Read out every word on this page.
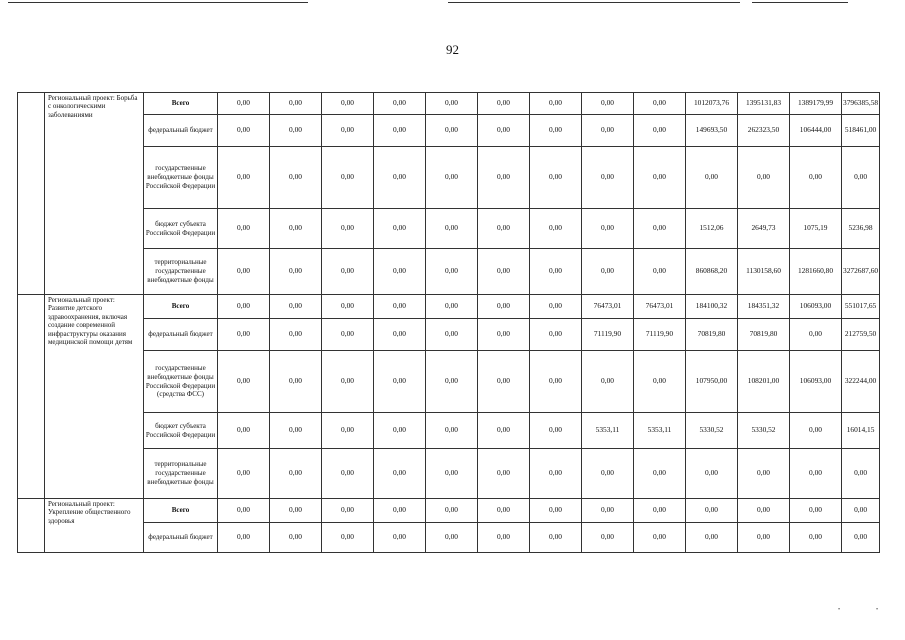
92
	Региональный проект: Борьба с онкологическими заболеваниями	Всего	0,00	0,00	0,00	0,00	0,00	0,00	0,00	0,00	0,00	1012073,76	1395131,83	1389179,99	3796385,58
		федеральный бюджет	0,00	0,00	0,00	0,00	0,00	0,00	0,00	0,00	0,00	149693,50	262323,50	106444,00	518461,00
		государственные внебюджетные фонды Российской Федерации	0,00	0,00	0,00	0,00	0,00	0,00	0,00	0,00	0,00	0,00	0,00	0,00	0,00
		бюджет субъекта Российской Федерации	0,00	0,00	0,00	0,00	0,00	0,00	0,00	0,00	0,00	1512,06	2649,73	1075,19	5236,98
		территориальные государственные внебюджетные фонды	0,00	0,00	0,00	0,00	0,00	0,00	0,00	0,00	0,00	860868,20	1130158,60	1281660,80	3272687,60
	Региональный проект: Развитие детского здравоохранения, включая создание современной инфраструктуры оказания медицинской помощи детям	Всего	0,00	0,00	0,00	0,00	0,00	0,00	0,00	76473,01	76473,01	184100,32	184351,32	106093,00	551017,65
		федеральный бюджет	0,00	0,00	0,00	0,00	0,00	0,00	0,00	71119,90	71119,90	70819,80	70819,80	0,00	212759,50
		государственные внебюджетные фонды Российской Федерации (средства ФСС)	0,00	0,00	0,00	0,00	0,00	0,00	0,00	0,00	0,00	107950,00	108201,00	106093,00	322244,00
		бюджет субъекта Российской Федерации	0,00	0,00	0,00	0,00	0,00	0,00	0,00	5353,11	5353,11	5330,52	5330,52	0,00	16014,15
		территориальные государственные внебюджетные фонды	0,00	0,00	0,00	0,00	0,00	0,00	0,00	0,00	0,00	0,00	0,00	0,00	0,00
	Региональный проект: Укрепление общественного здоровья	Всего	0,00	0,00	0,00	0,00	0,00	0,00	0,00	0,00	0,00	0,00	0,00	0,00	0,00
		федеральный бюджет	0,00	0,00	0,00	0,00	0,00	0,00	0,00	0,00	0,00	0,00	0,00	0,00	0,00
•	•
